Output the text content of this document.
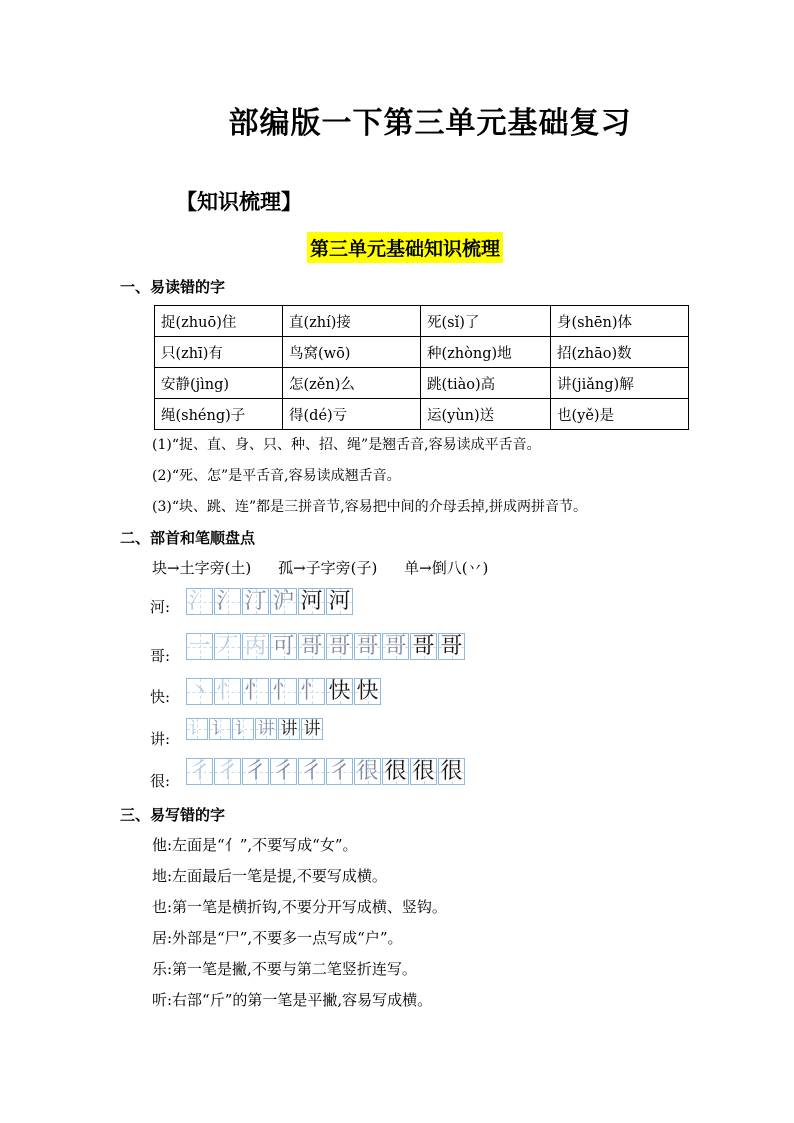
部编版一下第三单元基础复习
【知识梳理】
第三单元基础知识梳理
一、易读错的字
捉(zhuō)住	直(zhí)接	死(sǐ)了	身(shēn)体
只(zhī)有	鸟窝(wō)	种(zhòng)地	招(zhāo)数
安静(jìng)	怎(zěn)么	跳(tiào)高	讲(jiǎng)解
绳(shéng)子	得(dé)亏	运(yùn)送	也(yě)是
(1)“捉、直、身、只、种、招、绳”是翘舌音,容易读成平舌音。
(2)“死、怎”是平舌音,容易读成翘舌音。
(3)“块、跳、连”都是三拼音节,容易把中间的介母丢掉,拼成两拼音节。
二、部首和笔顺盘点
块→土字旁(土) 孤→子字旁(子) 单→倒八(丷)
河: 氵 氵 汀 沪 河 河
哥: 一 丆 丙 可 哥 哥 哥 哥 哥 哥
快: 丶 忄 忄 忄 忄 快 快
讲: 讠 讠 讠 讲 讲 讲
很: 彳 彳 彳 彳 彳 彳 很 很 很 很
三、易写错的字
他:左面是“亻”,不要写成“女”。
地:左面最后一笔是提,不要写成横。
也:第一笔是横折钩,不要分开写成横、竖钩。
居:外部是“尸”,不要多一点写成“户”。
乐:第一笔是撇,不要与第二笔竖折连写。
听:右部“斤”的第一笔是平撇,容易写成横。
